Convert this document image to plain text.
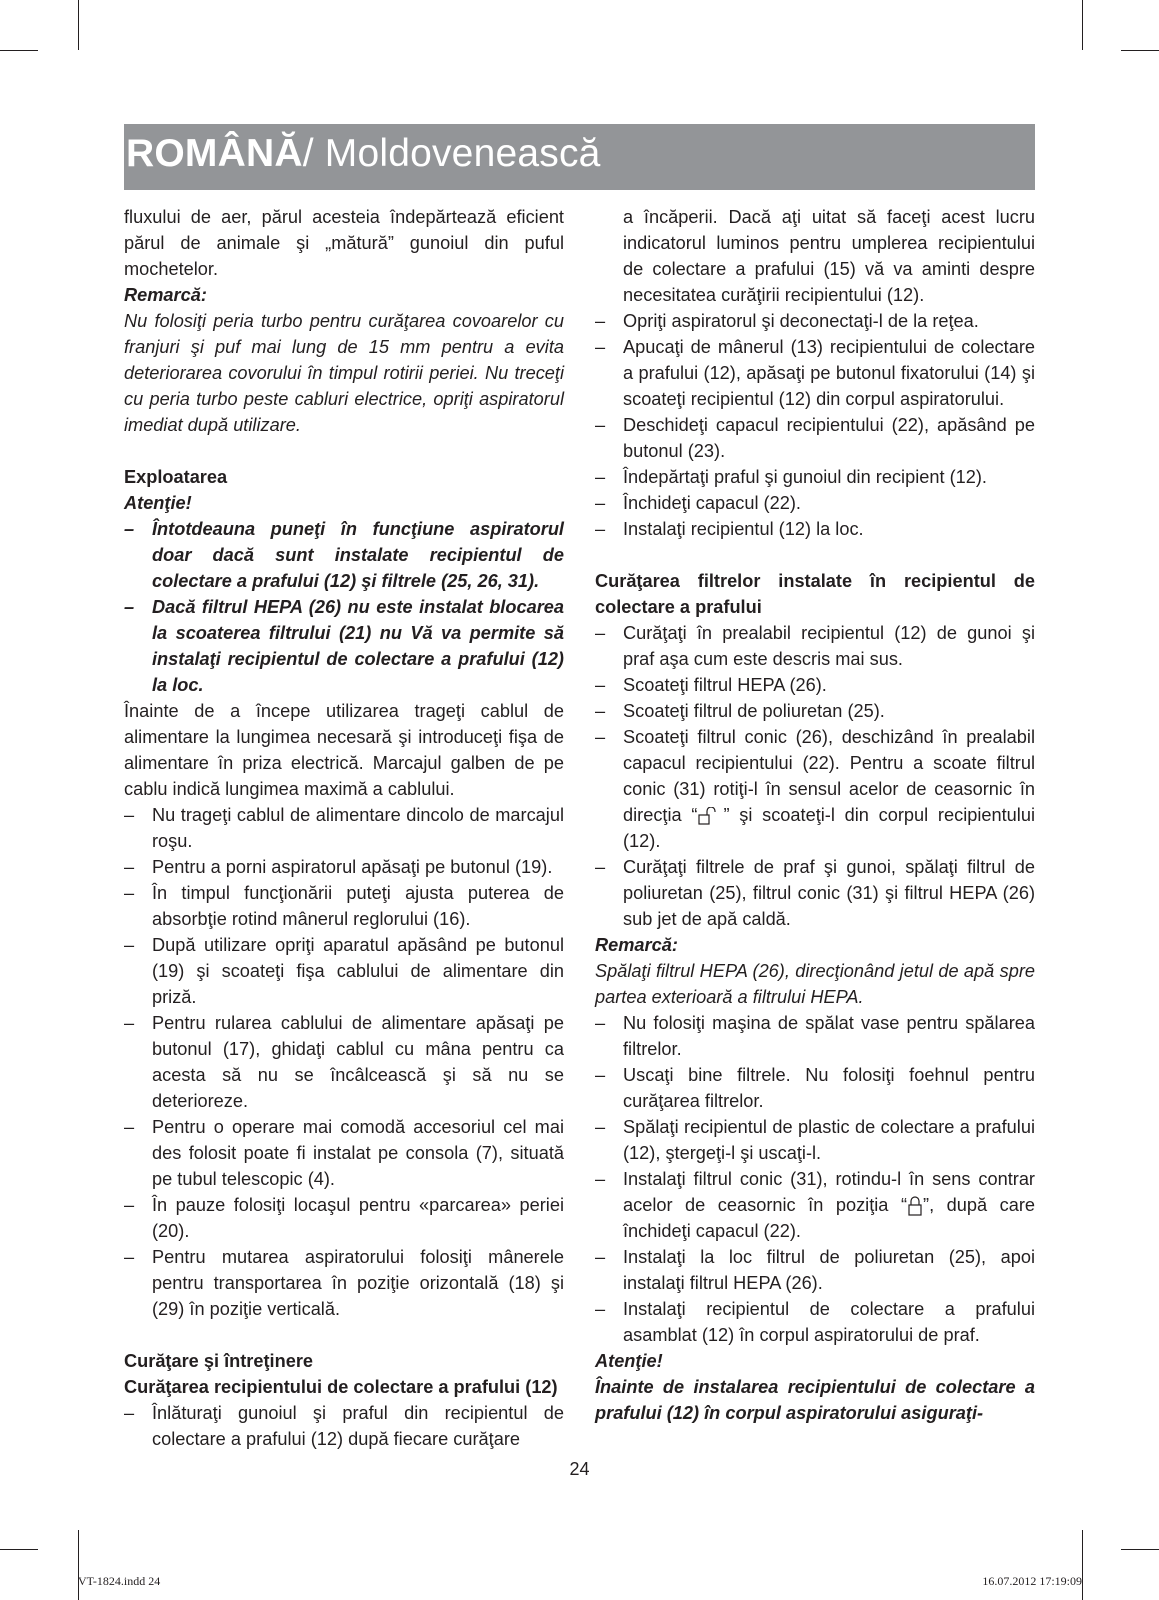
ROMÂNĂ/ Moldovenească
fluxului de aer, părul acesteia îndepărtează eficient părul de animale şi „mătură” gunoiul din puful mochetelor.
Remarcă:
Nu folosiţi peria turbo pentru curăţarea covoarelor cu franjuri şi puf mai lung de 15 mm pentru a evita deteriorarea covorului în timpul rotirii periei. Nu treceţi cu peria turbo peste cabluri electrice, opriţi aspiratorul imediat după utilizare.
Exploatarea
Atenţie!
– Întotdeauna puneţi în funcţiune aspiratorul doar dacă sunt instalate recipientul de colectare a prafului (12) şi filtrele (25, 26, 31).
– Dacă filtrul HEPA (26) nu este instalat blocarea la scoaterea filtrului (21) nu Vă va permite să instalaţi recipientul de colectare a prafului (12) la loc.
Înainte de a începe utilizarea trageţi cablul de alimentare la lungimea necesară şi introduceţi fişa de alimentare în priza electrică. Marcajul galben de pe cablu indică lungimea maximă a cablului.
– Nu trageţi cablul de alimentare dincolo de marcajul roşu.
– Pentru a porni aspiratorul apăsaţi pe butonul (19).
– În timpul funcţionării puteţi ajusta puterea de absorbţie rotind mânerul reglorului (16).
– După utilizare opriţi aparatul apăsând pe butonul (19) şi scoateţi fişa cablului de alimentare din priză.
– Pentru rularea cablului de alimentare apăsaţi pe butonul (17), ghidaţi cablul cu mâna pentru ca acesta să nu se încâlcească şi să nu se deterioreze.
– Pentru o operare mai comodă accesoriul cel mai des folosit poate fi instalat pe consola (7), situată pe tubul telescopic (4).
– În pauze folosiţi locaşul pentru «parcarea» periei (20).
– Pentru mutarea aspiratorului folosiţi mânerele pentru transportarea în poziţie orizontală (18) şi (29) în poziţie verticală.
Curăţare şi întreţinere
Curăţarea recipientului de colectare a prafului (12)
– Înlăturaţi gunoiul şi praful din recipientul de colectare a prafului (12) după fiecare curăţare
a încăperii. Dacă aţi uitat să faceţi acest lucru indicatorul luminos pentru umplerea recipientului de colectare a prafului (15) vă va aminti despre necesitatea curăţirii recipientului (12).
– Opriţi aspiratorul şi deconectaţi-l de la reţea.
– Apucaţi de mânerul (13) recipientului de colectare a prafului (12), apăsaţi pe butonul fixatorului (14) şi scoateţi recipientul (12) din corpul aspiratorului.
– Deschideţi capacul recipientului (22), apăsând pe butonul (23).
– Îndepărtaţi praful şi gunoiul din recipient (12).
– Închideţi capacul (22).
– Instalaţi recipientul (12) la loc.
Curăţarea filtrelor instalate în recipientul de colectare a prafului
– Curăţaţi în prealabil recipientul (12) de gunoi şi praf aşa cum este descris mai sus.
– Scoateţi filtrul HEPA (26).
– Scoateţi filtrul de poliuretan (25).
– Scoateţi filtrul conic (26), deschizând în prealabil capacul recipientului (22). Pentru a scoate filtrul conic (31) rotiţi-l în sensul acelor de ceasornic în direcţia “ ” şi scoateţi-l din corpul recipientului (12).
– Curăţaţi filtrele de praf şi gunoi, spălaţi filtrul de poliuretan (25), filtrul conic (31) şi filtrul HEPA (26) sub jet de apă caldă.
Remarcă:
Spălaţi filtrul HEPA (26), direcţionând jetul de apă spre partea exterioară a filtrului HEPA.
– Nu folosiţi maşina de spălat vase pentru spălarea filtrelor.
– Uscaţi bine filtrele. Nu folosiţi foehnul pentru curăţarea filtrelor.
– Spălaţi recipientul de plastic de colectare a prafului (12), ştergeţi-l şi uscaţi-l.
– Instalaţi filtrul conic (31), rotindu-l în sens contrar acelor de ceasornic în poziţia “ ”, după care închideţi capacul (22).
– Instalaţi la loc filtrul de poliuretan (25), apoi instalaţi filtrul HEPA (26).
– Instalaţi recipientul de colectare a prafului asamblat (12) în corpul aspiratorului de praf.
Atenţie!
Înainte de instalarea recipientului de colectare a prafului (12) în corpul aspiratorului asiguraţi-
24
VT-1824.indd 24	16.07.2012 17:19:09
